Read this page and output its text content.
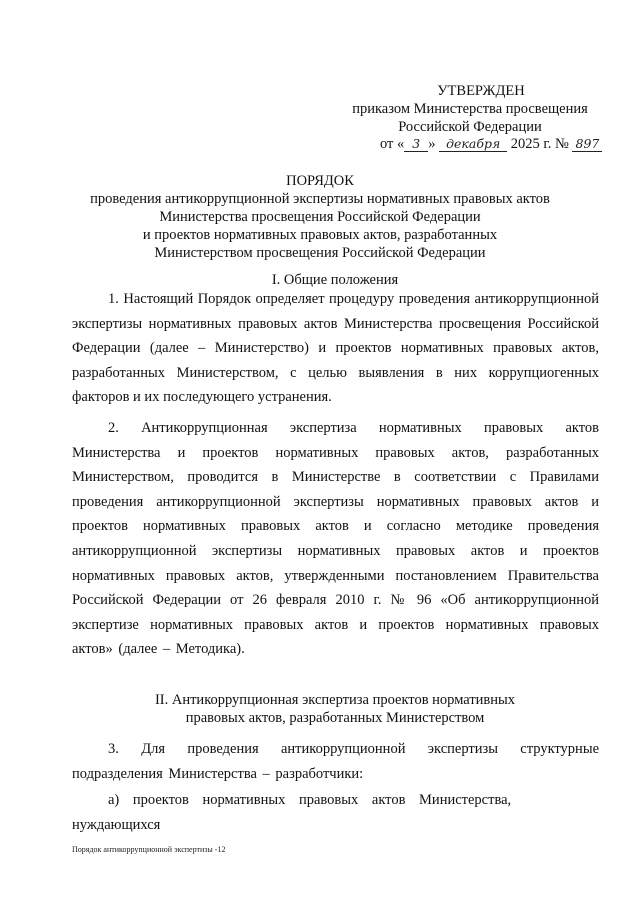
УТВЕРЖДЕН
приказом Министерства просвещения
Российской Федерации
от « 3 » декабря 2025 г. № 897
ПОРЯДОК
проведения антикоррупционной экспертизы нормативных правовых актов
Министерства просвещения Российской Федерации
и проектов нормативных правовых актов, разработанных
Министерством просвещения Российской Федерации
I. Общие положения

1. Настоящий Порядок определяет процедуру проведения антикоррупционной экспертизы нормативных правовых актов Министерства просвещения Российской Федерации (далее – Министерство) и проектов нормативных правовых актов, разработанных Министерством, с целью выявления в них коррупциогенных факторов и их последующего устранения.

2. Антикоррупционная экспертиза нормативных правовых актов Министерства и проектов нормативных правовых актов, разработанных Министерством, проводится в Министерстве в соответствии с Правилами проведения антикоррупционной экспертизы нормативных правовых актов и проектов нормативных правовых актов и согласно методике проведения антикоррупционной экспертизы нормативных правовых актов и проектов нормативных правовых актов, утвержденными постановлением Правительства Российской Федерации от 26 февраля 2010 г. № 96 «Об антикоррупционной экспертизе нормативных правовых актов и проектов нормативных правовых актов» (далее – Методика).

II. Антикоррупционная экспертиза проектов нормативных
правовых актов, разработанных Министерством

3. Для проведения антикоррупционной экспертизы структурные подразделения Министерства – разработчики:

а) проектов нормативных правовых актов Министерства, нуждающихся

Порядок антикоррупционной экспертизы -12
